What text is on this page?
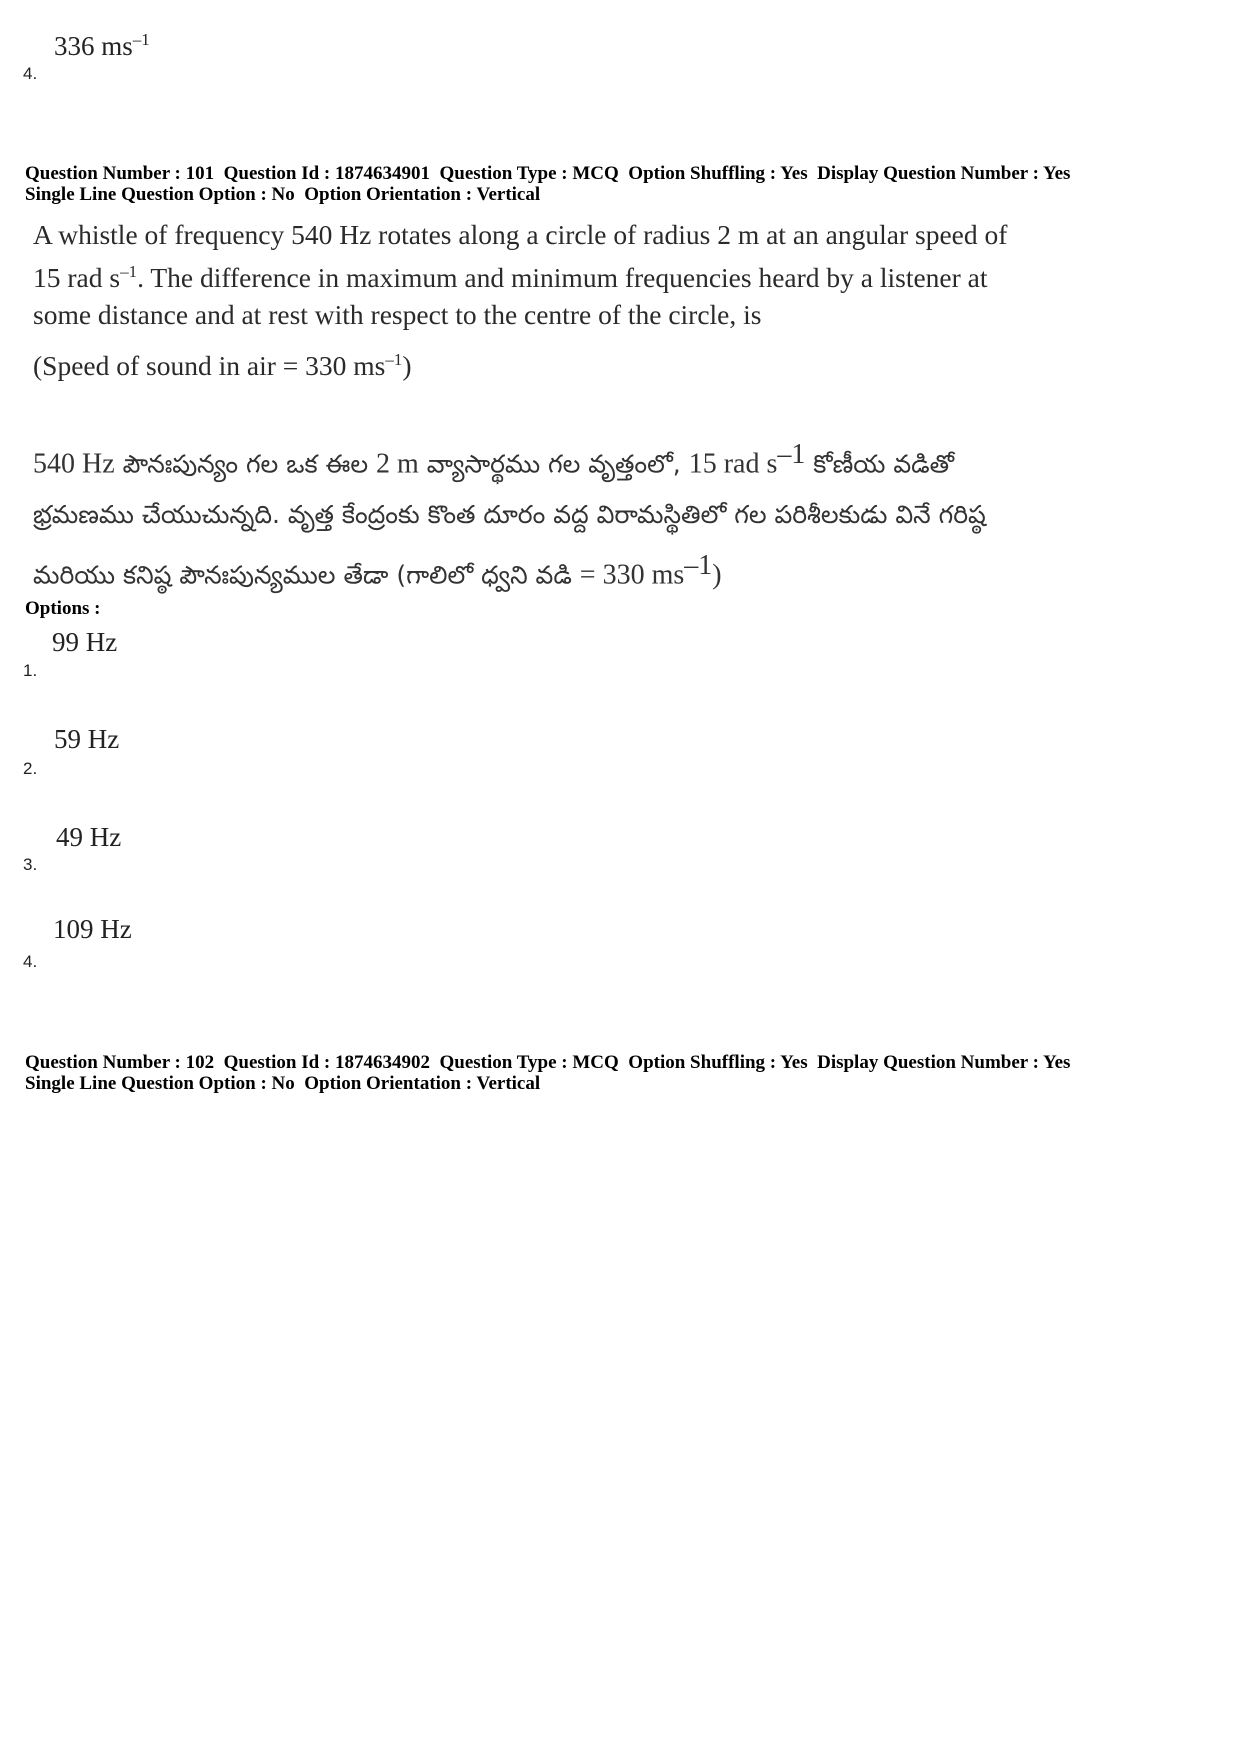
336 $ms^{-1}$
4.
Question Number : 101  Question Id : 1874634901  Question Type : MCQ  Option Shuffling : Yes  Display Question Number : Yes
Single Line Question Option : No  Option Orientation : Vertical
A whistle of frequency 540 Hz rotates along a circle of radius 2 m at an angular speed of
15 rad $s^{-1}$. The difference in maximum and minimum frequencies heard by a listener at
some distance and at rest with respect to the centre of the circle, is
(Speed of sound in air = 330 $ms^{-1}$)
540 Hz పౌనఃపున్యం గల ఒక ఈల 2 m వ్యాసార్థము గల వృత్తంలో, 15 rad $s^{-1}$ కోణీయ వడితో
భ్రమణము చేయుచున్నది. వృత్త కేంద్రంకు కొంత దూరం వద్ద విరామస్థితిలో గల పరిశీలకుడు వినే గరిష్ఠ
మరియు కనిష్ఠ పౌనఃపున్యముల తేడా (గాలిలో ధ్వని వడి = 330 $ms^{-1}$)
Options :
99 Hz
1.
59 Hz
2.
49 Hz
3.
109 Hz
4.
Question Number : 102  Question Id : 1874634902  Question Type : MCQ  Option Shuffling : Yes  Display Question Number : Yes
Single Line Question Option : No  Option Orientation : Vertical
